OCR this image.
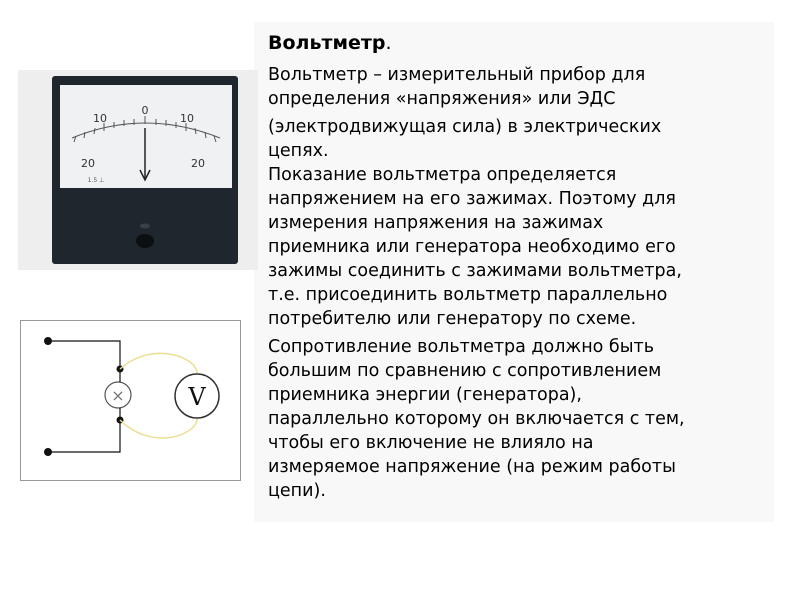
Вольтметр.

Вольтметр – измерительный прибор для
определения «напряжения» или ЭДС

(электродвижущая сила) в электрических
цепях.
Показание вольтметра определяется
напряжением на его зажимах. Поэтому для
измерения напряжения на зажимах
приемника или генератора необходимо его
зажимы соединить с зажимами вольтметра,
т.е. присоединить вольтметр параллельно
потребителю или генератору по схеме.

Сопротивление вольтметра должно быть
большим по сравнению с сопротивлением
приемника энергии (генератора),
параллельно которому он включается с тем,
чтобы его включение не влияло на
измеряемое напряжение (на режим работы
цепи).

10
0
10
20	20
1.5 ⊥
×	V
